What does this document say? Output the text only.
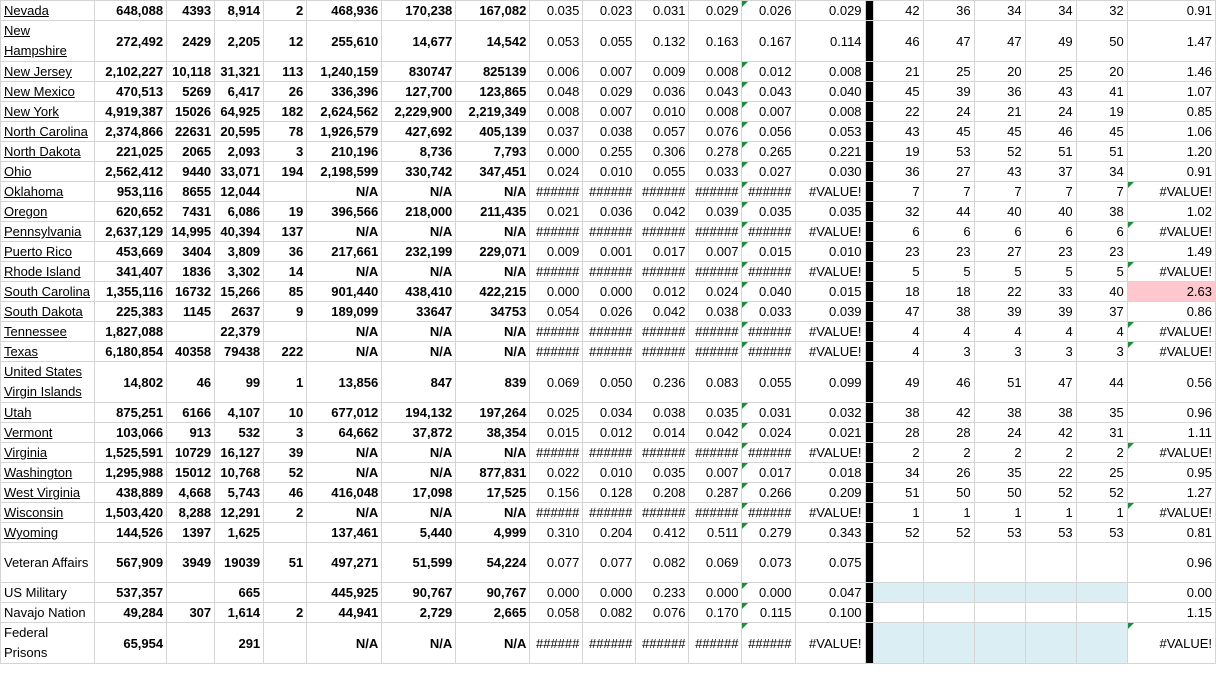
Nevada	648,088	4393	8,914	2	468,936	170,238	167,082	0.035	0.023	0.031	0.029	0.026	0.029		42	36	34	34	32	0.91
New Hampshire	272,492	2429	2,205	12	255,610	14,677	14,542	0.053	0.055	0.132	0.163	0.167	0.114		46	47	47	49	50	1.47
New Jersey	2,102,227	10,118	31,321	113	1,240,159	830747	825139	0.006	0.007	0.009	0.008	0.012	0.008		21	25	20	25	20	1.46
New Mexico	470,513	5269	6,417	26	336,396	127,700	123,865	0.048	0.029	0.036	0.043	0.043	0.040		45	39	36	43	41	1.07
New York	4,919,387	15026	64,925	182	2,624,562	2,229,900	2,219,349	0.008	0.007	0.010	0.008	0.007	0.008		22	24	21	24	19	0.85
North Carolina	2,374,866	22631	20,595	78	1,926,579	427,692	405,139	0.037	0.038	0.057	0.076	0.056	0.053		43	45	45	46	45	1.06
North Dakota	221,025	2065	2,093	3	210,196	8,736	7,793	0.000	0.255	0.306	0.278	0.265	0.221		19	53	52	51	51	1.20
Ohio	2,562,412	9440	33,071	194	2,198,599	330,742	347,451	0.024	0.010	0.055	0.033	0.027	0.030		36	27	43	37	34	0.91
Oklahoma	953,116	8655	12,044		N/A	N/A	N/A	######	######	######	######	######	#VALUE!		7	7	7	7	7	#VALUE!
Oregon	620,652	7431	6,086	19	396,566	218,000	211,435	0.021	0.036	0.042	0.039	0.035	0.035		32	44	40	40	38	1.02
Pennsylvania	2,637,129	14,995	40,394	137	N/A	N/A	N/A	######	######	######	######	######	#VALUE!		6	6	6	6	6	#VALUE!
Puerto Rico	453,669	3404	3,809	36	217,661	232,199	229,071	0.009	0.001	0.017	0.007	0.015	0.010		23	23	27	23	23	1.49
Rhode Island	341,407	1836	3,302	14	N/A	N/A	N/A	######	######	######	######	######	#VALUE!		5	5	5	5	5	#VALUE!
South Carolina	1,355,116	16732	15,266	85	901,440	438,410	422,215	0.000	0.000	0.012	0.024	0.040	0.015		18	18	22	33	40	2.63
South Dakota	225,383	1145	2637	9	189,099	33647	34753	0.054	0.026	0.042	0.038	0.033	0.039		47	38	39	39	37	0.86
Tennessee	1,827,088		22,379		N/A	N/A	N/A	######	######	######	######	######	#VALUE!		4	4	4	4	4	#VALUE!
Texas	6,180,854	40358	79438	222	N/A	N/A	N/A	######	######	######	######	######	#VALUE!		4	3	3	3	3	#VALUE!
United States Virgin Islands	14,802	46	99	1	13,856	847	839	0.069	0.050	0.236	0.083	0.055	0.099		49	46	51	47	44	0.56
Utah	875,251	6166	4,107	10	677,012	194,132	197,264	0.025	0.034	0.038	0.035	0.031	0.032		38	42	38	38	35	0.96
Vermont	103,066	913	532	3	64,662	37,872	38,354	0.015	0.012	0.014	0.042	0.024	0.021		28	28	24	42	31	1.11
Virginia	1,525,591	10729	16,127	39	N/A	N/A	N/A	######	######	######	######	######	#VALUE!		2	2	2	2	2	#VALUE!
Washington	1,295,988	15012	10,768	52	N/A	N/A	877,831	0.022	0.010	0.035	0.007	0.017	0.018		34	26	35	22	25	0.95
West Virginia	438,889	4,668	5,743	46	416,048	17,098	17,525	0.156	0.128	0.208	0.287	0.266	0.209		51	50	50	52	52	1.27
Wisconsin	1,503,420	8,288	12,291	2	N/A	N/A	N/A	######	######	######	######	######	#VALUE!		1	1	1	1	1	#VALUE!
Wyoming	144,526	1397	1,625		137,461	5,440	4,999	0.310	0.204	0.412	0.511	0.279	0.343		52	52	53	53	53	0.81
Veteran Affairs	567,909	3949	19039	51	497,271	51,599	54,224	0.077	0.077	0.082	0.069	0.073	0.075							0.96
US Military	537,357		665		445,925	90,767	90,767	0.000	0.000	0.233	0.000	0.000	0.047							0.00
Navajo Nation	49,284	307	1,614	2	44,941	2,729	2,665	0.058	0.082	0.076	0.170	0.115	0.100							1.15
Federal Prisons	65,954		291		N/A	N/A	N/A	######	######	######	######	######	#VALUE!							#VALUE!
